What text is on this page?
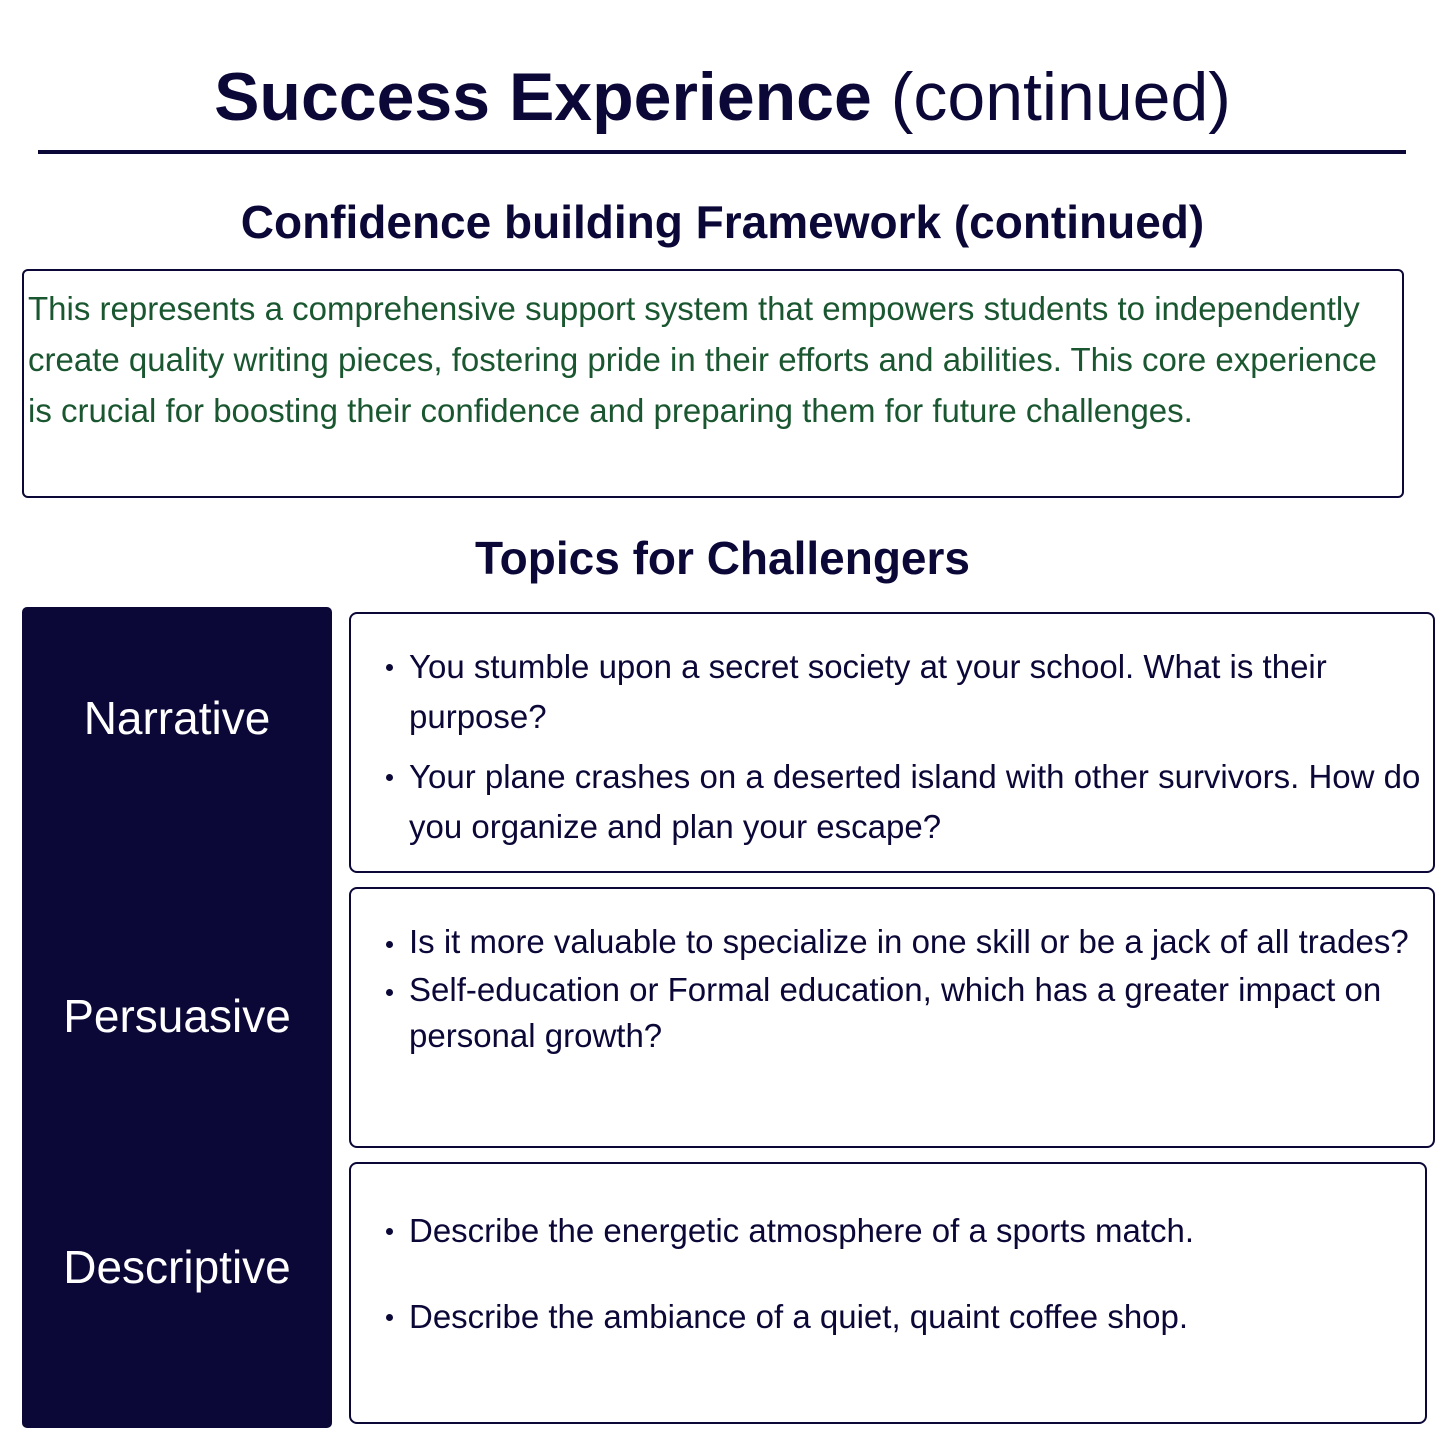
Success Experience (continued)
Confidence building Framework (continued)
This represents a comprehensive support system that empowers students to independently create quality writing pieces, fostering pride in their efforts and abilities. This core experience is crucial for boosting their confidence and preparing them for future challenges.
Topics for Challengers
Narrative
Persuasive
Descriptive
You stumble upon a secret society at your school. What is their purpose?
Your plane crashes on a deserted island with other survivors. How do you organize and plan your escape?
Is it more valuable to specialize in one skill or be a jack of all trades?
Self-education or Formal education, which has a greater impact on personal growth?
Describe the energetic atmosphere of a sports match.
Describe the ambiance of a quiet, quaint coffee shop.
